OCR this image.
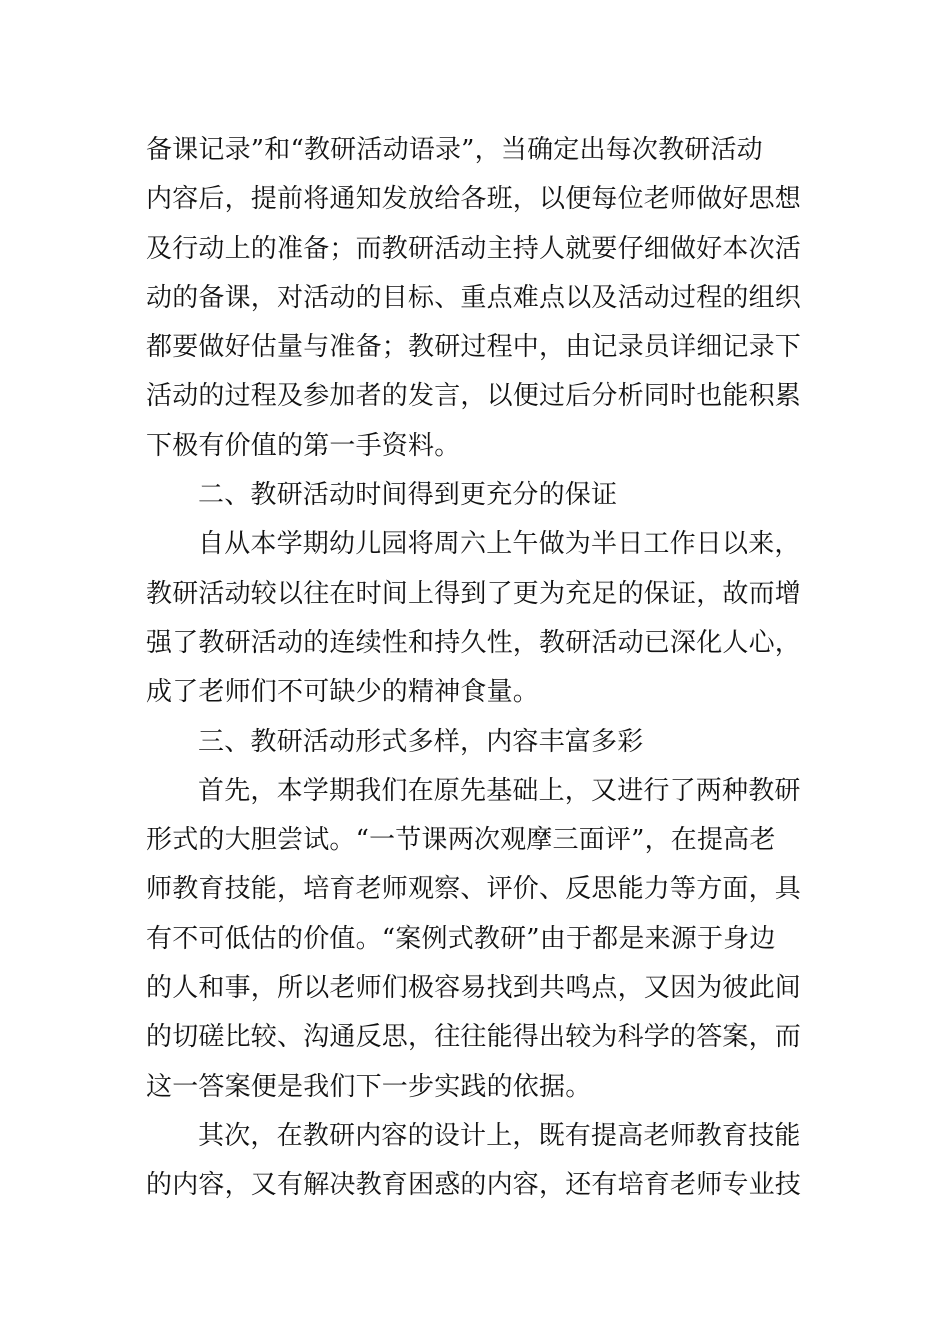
备课记录”和“教研活动语录”，当确定出每次教研活动
内容后，提前将通知发放给各班，以便每位老师做好思想
及行动上的准备；而教研活动主持人就要仔细做好本次活
动的备课，对活动的目标、重点难点以及活动过程的组织
都要做好估量与准备；教研过程中，由记录员详细记录下
活动的过程及参加者的发言，以便过后分析同时也能积累
下极有价值的第一手资料。
二、教研活动时间得到更充分的保证
自从本学期幼儿园将周六上午做为半日工作日以来，
教研活动较以往在时间上得到了更为充足的保证，故而增
强了教研活动的连续性和持久性，教研活动已深化人心，
成了老师们不可缺少的精神食量。
三、教研活动形式多样，内容丰富多彩
首先，本学期我们在原先基础上，又进行了两种教研
形式的大胆尝试。“一节课两次观摩三面评”，在提高老
师教育技能，培育老师观察、评价、反思能力等方面，具
有不可低估的价值。“案例式教研”由于都是来源于身边
的人和事，所以老师们极容易找到共鸣点，又因为彼此间
的切磋比较、沟通反思，往往能得出较为科学的答案，而
这一答案便是我们下一步实践的依据。
其次，在教研内容的设计上，既有提高老师教育技能
的内容，又有解决教育困惑的内容，还有培育老师专业技
